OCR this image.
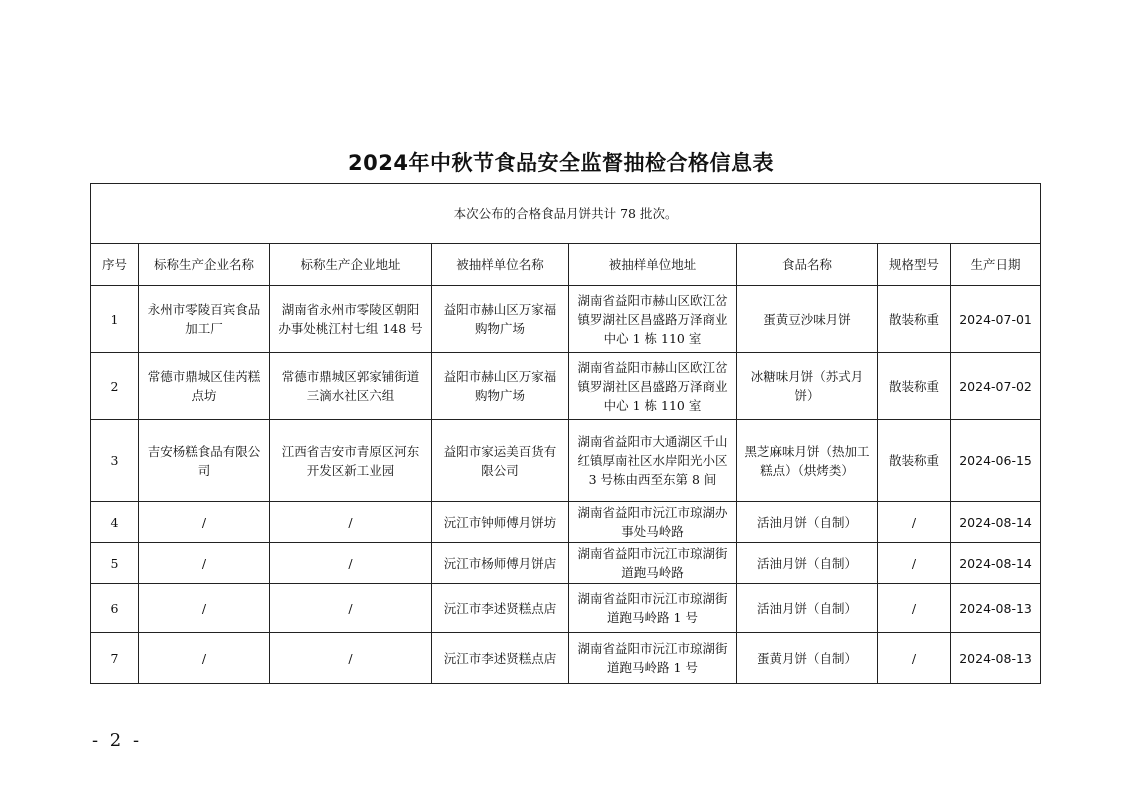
2024年中秋节食品安全监督抽检合格信息表
本次公布的合格食品月饼共计 78 批次。							
序号	标称生产企业名称	标称生产企业地址	被抽样单位名称	被抽样单位地址	食品名称	规格型号	生产日期
1	永州市零陵百宾食品加工厂	湖南省永州市零陵区朝阳办事处桃江村七组 148 号	益阳市赫山区万家福购物广场	湖南省益阳市赫山区欧江岔镇罗湖社区昌盛路万泽商业中心 1 栋 110 室	蛋黄豆沙味月饼	散装称重	2024-07-01
2	常德市鼎城区佳芮糕点坊	常德市鼎城区郭家铺街道三滴水社区六组	益阳市赫山区万家福购物广场	湖南省益阳市赫山区欧江岔镇罗湖社区昌盛路万泽商业中心 1 栋 110 室	冰糖味月饼（苏式月饼）	散装称重	2024-07-02
3	吉安杨糕食品有限公司	江西省吉安市青原区河东开发区新工业园	益阳市家运美百货有限公司	湖南省益阳市大通湖区千山红镇厚南社区水岸阳光小区 3 号栋由西至东第 8 间	黑芝麻味月饼（热加工糕点）（烘烤类）	散装称重	2024-06-15
4	/	/	沅江市钟师傅月饼坊	湖南省益阳市沅江市琼湖办事处马岭路	活油月饼（自制）	/	2024-08-14
5	/	/	沅江市杨师傅月饼店	湖南省益阳市沅江市琼湖街道跑马岭路	活油月饼（自制）	/	2024-08-14
6	/	/	沅江市李述贤糕点店	湖南省益阳市沅江市琼湖街道跑马岭路 1 号	活油月饼（自制）	/	2024-08-13
7	/	/	沅江市李述贤糕点店	湖南省益阳市沅江市琼湖街道跑马岭路 1 号	蛋黄月饼（自制）	/	2024-08-13
- 2 -
